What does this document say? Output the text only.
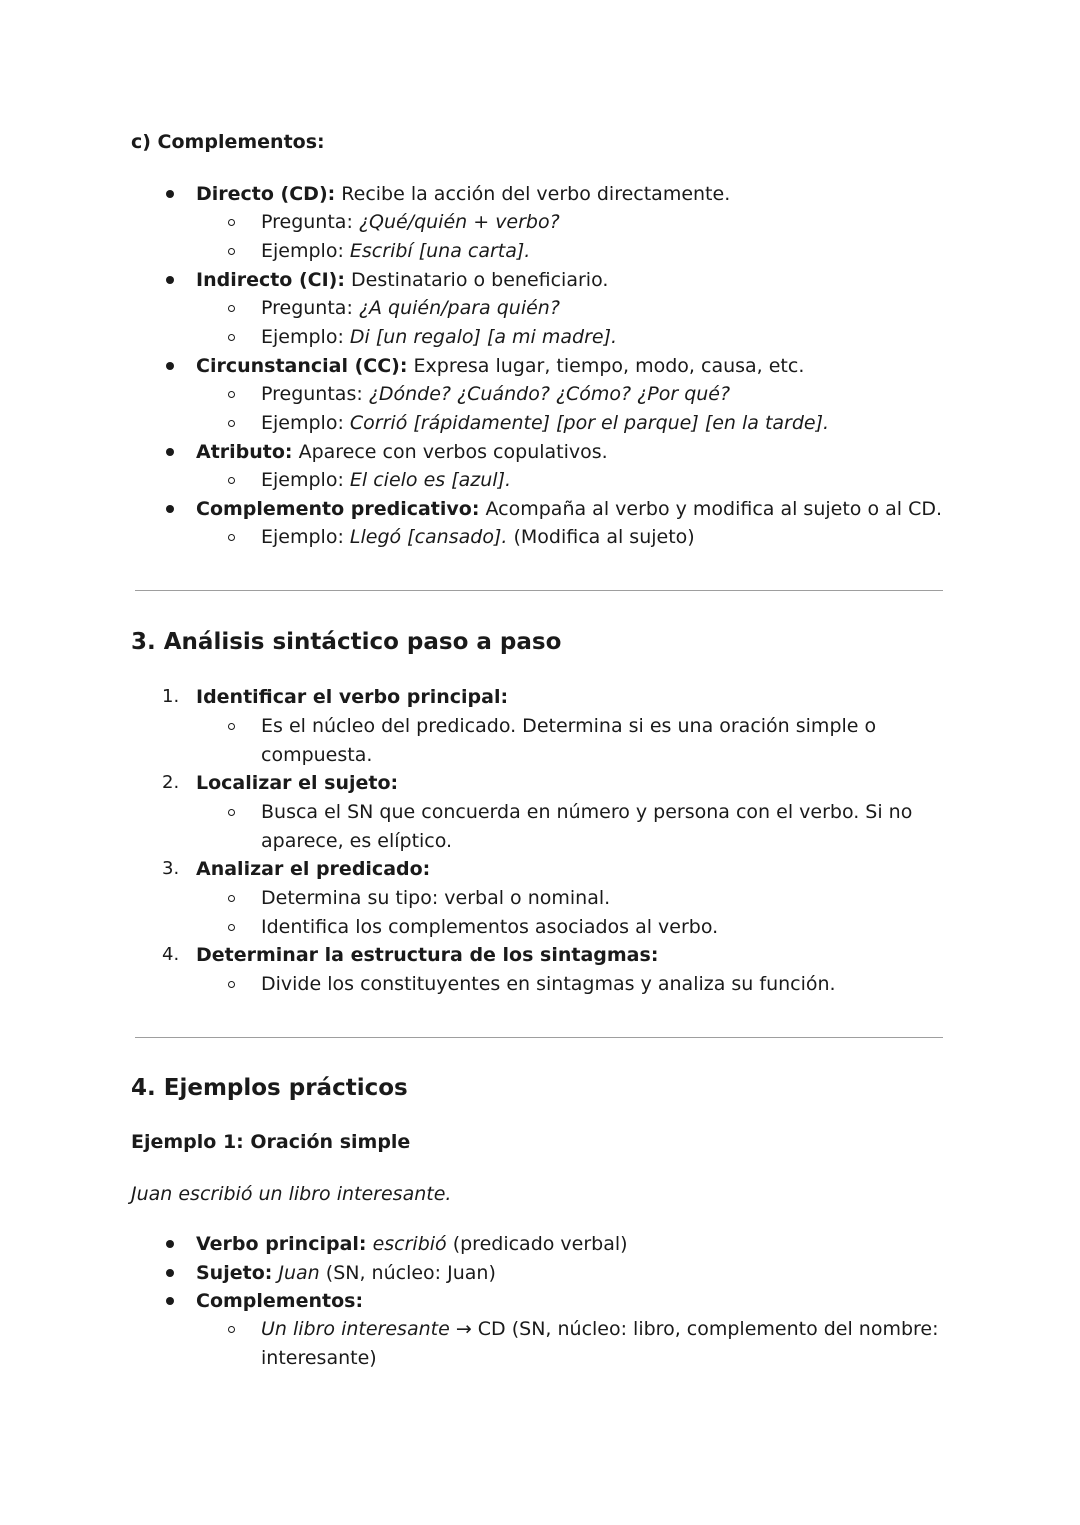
c) Complementos:
Directo (CD): Recibe la acción del verbo directamente.
Pregunta: ¿Qué/quién + verbo?
Ejemplo: Escribí [una carta].
Indirecto (CI): Destinatario o beneficiario.
Pregunta: ¿A quién/para quién?
Ejemplo: Di [un regalo] [a mi madre].
Circunstancial (CC): Expresa lugar, tiempo, modo, causa, etc.
Preguntas: ¿Dónde? ¿Cuándo? ¿Cómo? ¿Por qué?
Ejemplo: Corrió [rápidamente] [por el parque] [en la tarde].
Atributo: Aparece con verbos copulativos.
Ejemplo: El cielo es [azul].
Complemento predicativo: Acompaña al verbo y modifica al sujeto o al CD.
Ejemplo: Llegó [cansado]. (Modifica al sujeto)
3. Análisis sintáctico paso a paso
1. Identificar el verbo principal:
Es el núcleo del predicado. Determina si es una oración simple o
compuesta.
2. Localizar el sujeto:
Busca el SN que concuerda en número y persona con el verbo. Si no
aparece, es elíptico.
3. Analizar el predicado:
Determina su tipo: verbal o nominal.
Identifica los complementos asociados al verbo.
4. Determinar la estructura de los sintagmas:
Divide los constituyentes en sintagmas y analiza su función.
4. Ejemplos prácticos
Ejemplo 1: Oración simple
Juan escribió un libro interesante.
Verbo principal: escribió (predicado verbal)
Sujeto: Juan (SN, núcleo: Juan)
Complementos:
Un libro interesante → CD (SN, núcleo: libro, complemento del nombre:
interesante)
